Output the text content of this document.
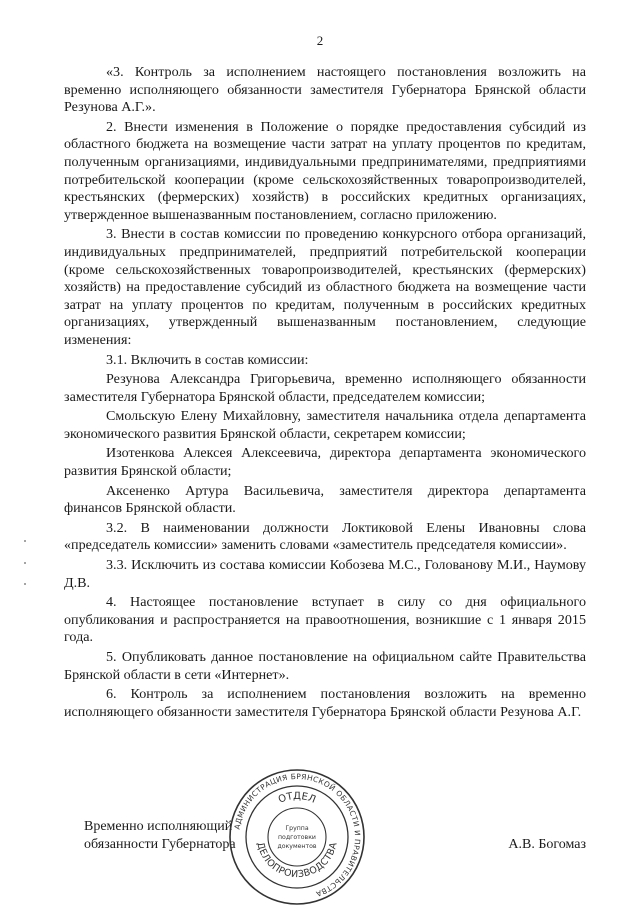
2

«3. Контроль за исполнением настоящего постановления возложить на временно исполняющего обязанности заместителя Губернатора Брянской области Резунова А.Г.».

2. Внести изменения в Положение о порядке предоставления субсидий из областного бюджета на возмещение части затрат на уплату процентов по кредитам, полученным организациями, индивидуальными предпринимателями, предприятиями потребительской кооперации (кроме сельскохозяйственных товаропроизводителей, крестьянских (фермерских) хозяйств) в российских кредитных организациях, утвержденное вышеназванным постановлением, согласно приложению.

3. Внести в состав комиссии по проведению конкурсного отбора организаций, индивидуальных предпринимателей, предприятий потребительской кооперации (кроме сельскохозяйственных товаропроизводителей, крестьянских (фермерских) хозяйств) на предоставление субсидий из областного бюджета на возмещение части затрат на уплату процентов по кредитам, полученным в российских кредитных организациях, утвержденный вышеназванным постановлением, следующие изменения:

3.1. Включить в состав комиссии:

Резунова Александра Григорьевича, временно исполняющего обязанности заместителя Губернатора Брянской области, председателем комиссии;

Смольскую Елену Михайловну, заместителя начальника отдела департамента экономического развития Брянской области, секретарем комиссии;

Изотенкова Алексея Алексеевича, директора департамента экономического развития Брянской области;

Аксененко Артура Васильевича, заместителя директора департамента финансов Брянской области.

3.2. В наименовании должности Локтиковой Елены Ивановны слова «председатель комиссии» заменить словами «заместитель председателя комиссии».

3.3. Исключить из состава комиссии Кобозева М.С., Голованову М.И., Наумову Д.В.

4. Настоящее постановление вступает в силу со дня официального опубликования и распространяется на правоотношения, возникшие с 1 января 2015 года.

5. Опубликовать данное постановление на официальном сайте Правительства Брянской области в сети «Интернет».

6. Контроль за исполнением постановления возложить на временно исполняющего обязанности заместителя Губернатора Брянской области Резунова А.Г.

Временно исполняющий обязанности Губернатора	А.В. Богомаз
АДМИНИСТРАЦИЯ БРЯНСКОЙ ОБЛАСТИ И ПРАВИТЕЛЬСТВА
ОТДЕЛ
ДЕЛОПРОИЗВОДСТВА
Группа
подготовки
документов
